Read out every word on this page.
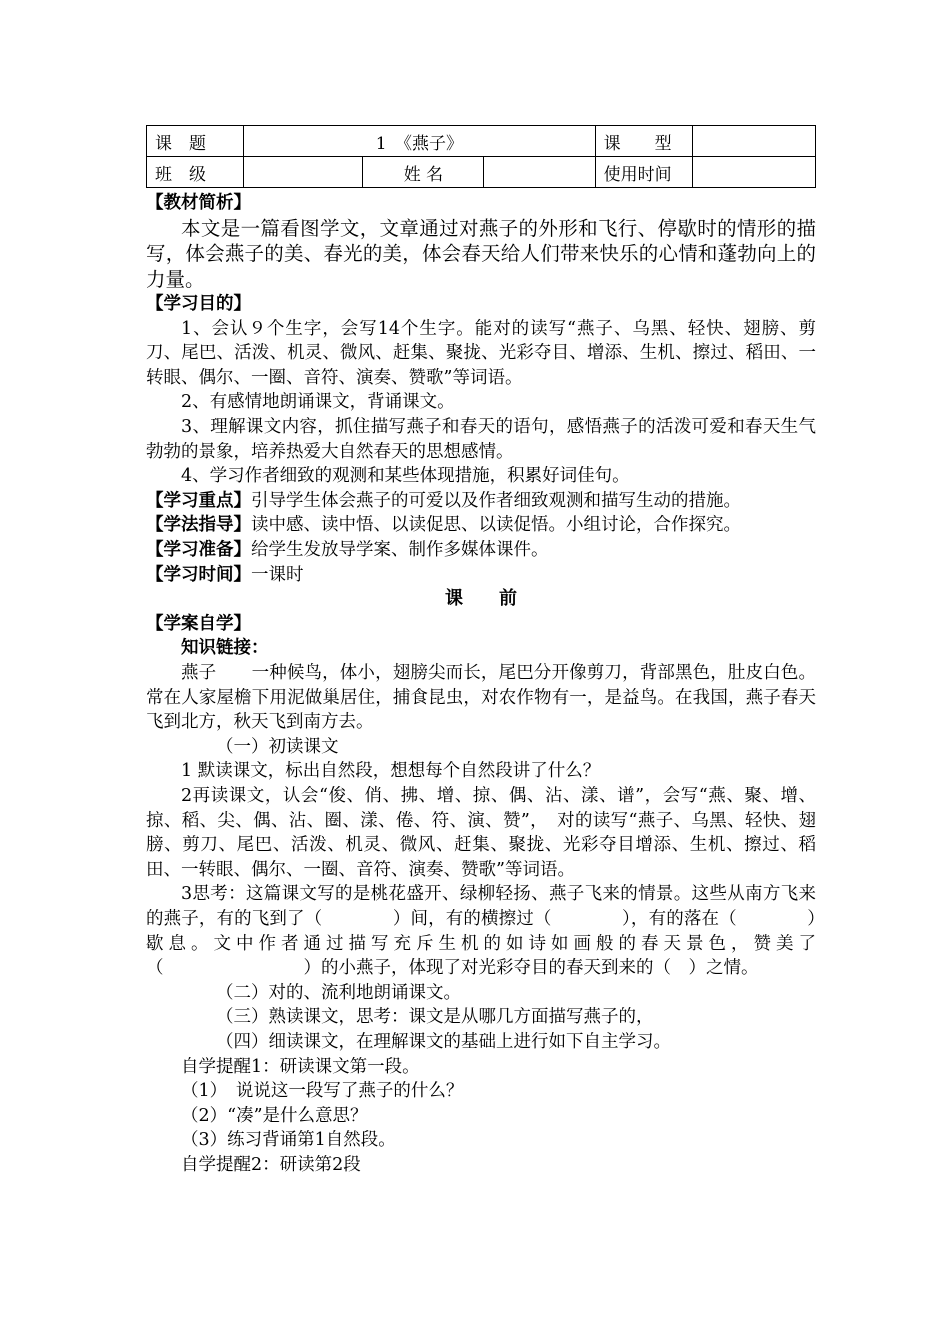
课　题	1　《燕子》			课　　型	
班　级		姓 名		使用时间	

【教材简析】

本文是一篇看图学文，文章通过对燕子的外形和飞行、停歇时的情形的描写，体会燕子的美、春光的美，体会春天给人们带来快乐的心情和蓬勃向上的力量。

【学习目的】

1、会认９个生字，会写14个生字。能对的读写“燕子、乌黑、轻快、翅膀、剪刀、尾巴、活泼、机灵、微风、赶集、聚拢、光彩夺目、增添、生机、擦过、稻田、一转眼、偶尔、一圈、音符、演奏、赞歌”等词语。

2、有感情地朗诵课文，背诵课文。

3、理解课文内容，抓住描写燕子和春天的语句，感悟燕子的活泼可爱和春天生气勃勃的景象，培养热爱大自然春天的思想感情。

4、学习作者细致的观测和某些体现措施，积累好词佳句。

【学习重点】引导学生体会燕子的可爱以及作者细致观测和描写生动的措施。

【学法指导】读中感、读中悟、以读促思、以读促悟。小组讨论，合作探究。

【学习准备】给学生发放导学案、制作多媒体课件。

【学习时间】一课时

课　　前

【学案自学】

知识链接：

燕子　　一种候鸟，体小，翅膀尖而长，尾巴分开像剪刀，背部黑色，肚皮白色。常在人家屋檐下用泥做巢居住，捕食昆虫，对农作物有一，是益鸟。在我国，燕子春天飞到北方，秋天飞到南方去。

（一）初读课文

1 默读课文，标出自然段，想想每个自然段讲了什么？

2再读课文，认会“俊、俏、拂、增、掠、偶、沾、漾、谱”，会写“燕、聚、增、掠、稻、尖、偶、沾、圈、漾、倦、符、演、赞”，　对的读写“燕子、乌黑、轻快、翅膀、剪刀、尾巴、活泼、机灵、微风、赶集、聚拢、光彩夺目增添、生机、擦过、稻田、一转眼、偶尔、一圈、音符、演奏、赞歌”等词语。

3思考：这篇课文写的是桃花盛开、绿柳轻扬、燕子飞来的情景。这些从南方飞来的燕子，有的飞到了（　　　　）间，有的横擦过（　　　　），有的落在（　　　　）歇息。文中作者通过描写充斥生机的如诗如画般的春天景色，赞美了（　　　　　　　　）的小燕子，体现了对光彩夺目的春天到来的（　）之情。

（二）对的、流利地朗诵课文。

（三）熟读课文，思考：课文是从哪几方面描写燕子的，

（四）细读课文，在理解课文的基础上进行如下自主学习。

自学提醒1：研读课文第一段。

（1）　说说这一段写了燕子的什么？

（2）“凑”是什么意思？

（3）练习背诵第1自然段。

自学提醒2：研读第2段
